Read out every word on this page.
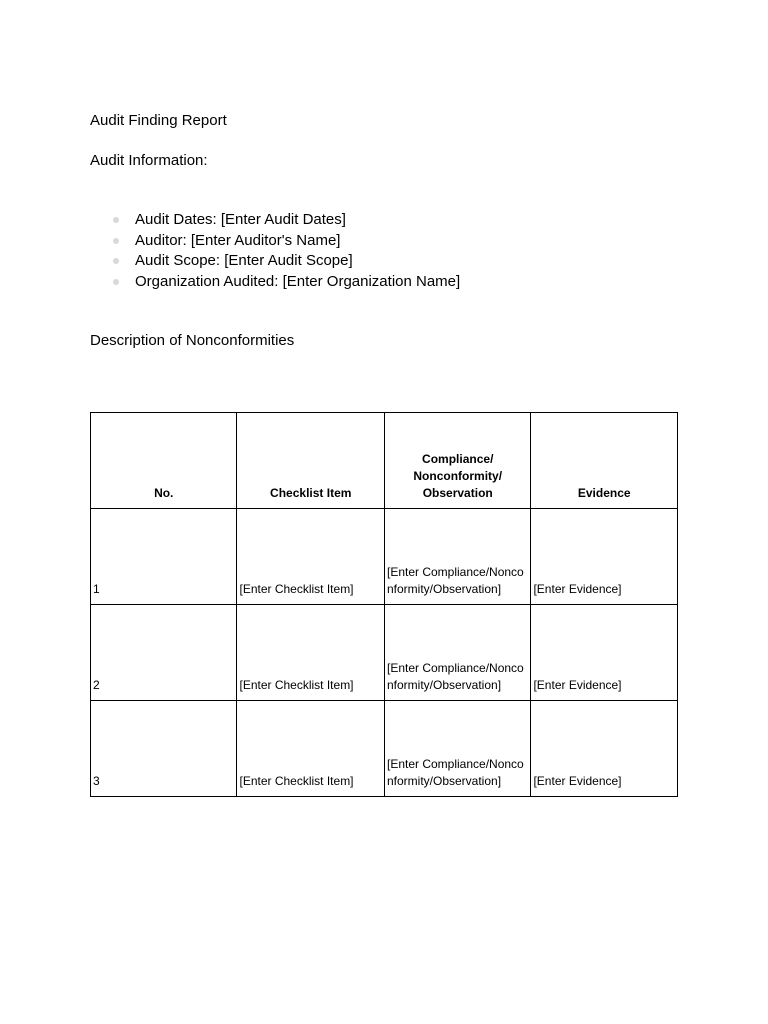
Audit Finding Report
Audit Information:
Audit Dates: [Enter Audit Dates]
Auditor: [Enter Auditor's Name]
Audit Scope: [Enter Audit Scope]
Organization Audited: [Enter Organization Name]
Description of Nonconformities
No.	Checklist Item	Compliance/
Nonconformity/
Observation	Evidence
1	[Enter Checklist Item]	[Enter Compliance/Nonconformity/Observation]	[Enter Evidence]
2	[Enter Checklist Item]	[Enter Compliance/Nonconformity/Observation]	[Enter Evidence]
3	[Enter Checklist Item]	[Enter Compliance/Nonconformity/Observation]	[Enter Evidence]
